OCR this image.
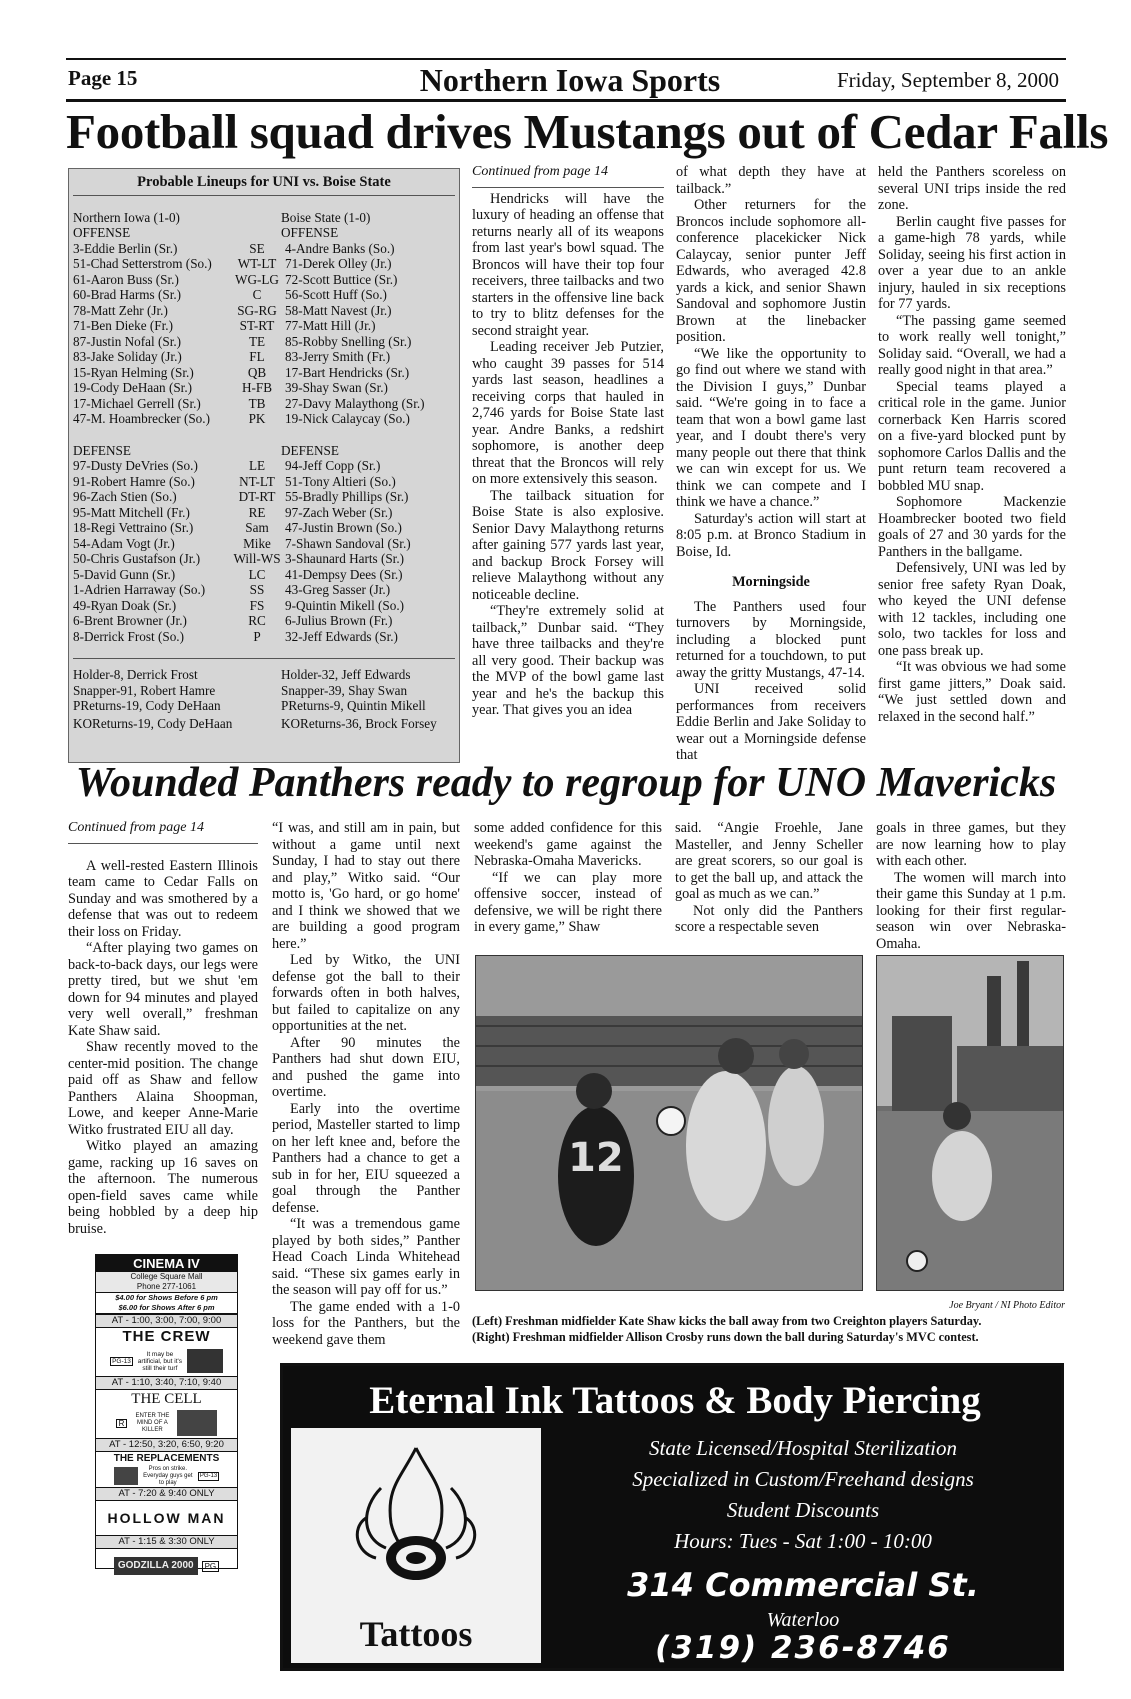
Page 15	Northern Iowa Sports	Friday, September 8, 2000
Football squad drives Mustangs out of Cedar Falls
Probable Lineups for UNI vs. Boise State
Northern Iowa (1-0)	Boise State (1-0)
OFFENSE	OFFENSE
3-Eddie Berlin (Sr.)	SE	4-Andre Banks (So.)
51-Chad Setterstrom (So.)	WT-LT 71-Derek Olley (Jr.)
61-Aaron Buss (Sr.)	WG-LG 72-Scott Buttice (Sr.)
60-Brad Harms (Sr.)	C	56-Scott Huff (So.)
78-Matt Zehr (Jr.)	SG-RG 58-Matt Navest (Jr.)
71-Ben Dieke (Fr.)	ST-RT 77-Matt Hill (Jr.)
87-Justin Nofal (Sr.)	TE	85-Robby Snelling (Sr.)
83-Jake Soliday (Jr.)	FL	83-Jerry Smith (Fr.)
15-Ryan Helming (Sr.)	QB	17-Bart Hendricks (Sr.)
19-Cody DeHaan (Sr.)	H-FB 39-Shay Swan (Sr.)
17-Michael Gerrell (Sr.)	TB	27-Davy Malaythong (Sr.)
47-M. Hoambrecker (So.)	PK	19-Nick Calaycay (So.)
DEFENSE	DEFENSE
97-Dusty DeVries (So.)	LE	94-Jeff Copp (Sr.)
91-Robert Hamre (So.)	NT-LT 51-Tony Altieri (So.)
96-Zach Stien (So.)	DT-RT 55-Bradly Phillips (Sr.)
95-Matt Mitchell (Fr.)	RE	97-Zach Weber (Sr.)
18-Regi Vettraino (Sr.)	Sam	47-Justin Brown (So.)
54-Adam Vogt (Jr.)	Mike	7-Shawn Sandoval (Sr.)
50-Chris Gustafson (Jr.)	Will-WS 3-Shaunard Harts (Sr.)
5-David Gunn (Sr.)	LC	41-Dempsy Dees (Sr.)
1-Adrien Harraway (So.)	SS	43-Greg Sasser (Jr.)
49-Ryan Doak (Sr.)	FS	9-Quintin Mikell (So.)
6-Brent Browner (Jr.)	RC	6-Julius Brown (Fr.)
8-Derrick Frost (So.)	P	32-Jeff Edwards (Sr.)
Holder-8, Derrick Frost	Holder-32, Jeff Edwards
Snapper-91, Robert Hamre	Snapper-39, Shay Swan
PReturns-19, Cody DeHaan	PReturns-9, Quintin Mikell
KOReturns-19, Cody DeHaan	KOReturns-36, Brock Forsey
Continued from page 14

Hendricks will have the luxury of heading an offense that returns nearly all of its weapons from last year's bowl squad. The Broncos will have their top four receivers, three tailbacks and two starters in the offensive line back to try to blitz defenses for the second straight year.

Leading receiver Jeb Putzier, who caught 39 passes for 514 yards last season, headlines a receiving corps that hauled in 2,746 yards for Boise State last year. Andre Banks, a redshirt sophomore, is another deep threat that the Broncos will rely on more extensively this season.

The tailback situation for Boise State is also explosive. Senior Davy Malaythong returns after gaining 577 yards last year, and backup Brock Forsey will relieve Malaythong without any noticeable decline.

“They're extremely solid at tailback,” Dunbar said. “They have three tailbacks and they're all very good. Their backup was the MVP of the bowl game last year and he's the backup this year. That gives you an idea

of what depth they have at tailback.”

Other returners for the Broncos include sophomore all-conference placekicker Nick Calaycay, senior punter Jeff Edwards, who averaged 42.8 yards a kick, and senior Shawn Sandoval and sophomore Justin Brown at the linebacker position.

“We like the opportunity to go find out where we stand with the Division I guys,” Dunbar said. “We're going in to face a team that won a bowl game last year, and I doubt there's very many people out there that think we can win except for us. We think we can compete and I think we have a chance.”

Saturday's action will start at 8:05 p.m. at Bronco Stadium in Boise, Id.

Morningside

The Panthers used four turnovers by Morningside, including a blocked punt returned for a touchdown, to put away the gritty Mustangs, 47-14.

UNI received solid performances from receivers Eddie Berlin and Jake Soliday to wear out a Morningside defense that

held the Panthers scoreless on several UNI trips inside the red zone.

Berlin caught five passes for a game-high 78 yards, while Soliday, seeing his first action in over a year due to an ankle injury, hauled in six receptions for 77 yards.

“The passing game seemed to work really well tonight,” Soliday said. “Overall, we had a really good night in that area.”

Special teams played a critical role in the game. Junior cornerback Ken Harris scored on a five-yard blocked punt by sophomore Carlos Dallis and the punt return team recovered a bobbled MU snap.

Sophomore Mackenzie Hoambrecker booted two field goals of 27 and 30 yards for the Panthers in the ballgame.

Defensively, UNI was led by senior free safety Ryan Doak, who keyed the UNI defense with 12 tackles, including one solo, two tackles for loss and one pass break up.

“It was obvious we had some first game jitters,” Doak said. “We just settled down and relaxed in the second half.”

Wounded Panthers ready to regroup for UNO Mavericks
Continued from page 14

A well-rested Eastern Illinois team came to Cedar Falls on Sunday and was smothered by a defense that was out to redeem their loss on Friday.

“After playing two games on back-to-back days, our legs were pretty tired, but we shut 'em down for 94 minutes and played very well overall,” freshman Kate Shaw said.

Shaw recently moved to the center-mid position. The change paid off as Shaw and fellow Panthers Alaina Shoopman, Lowe, and keeper Anne-Marie Witko frustrated EIU all day.

Witko played an amazing game, racking up 16 saves on the afternoon. The numerous open-field saves came while being hobbled by a deep hip bruise.

“I was, and still am in pain, but without a game until next Sunday, I had to stay out there and play,” Witko said. “Our motto is, 'Go hard, or go home' and I think we showed that we are building a good program here.”

Led by Witko, the UNI defense got the ball to their forwards often in both halves, but failed to capitalize on any opportunities at the net.

After 90 minutes the Panthers had shut down EIU, and pushed the game into overtime.

Early into the overtime period, Masteller started to limp on her left knee and, before the Panthers had a chance to get a sub in for her, EIU squeezed a goal through the Panther defense.

“It was a tremendous game played by both sides,” Panther Head Coach Linda Whitehead said. “These six games early in the season will pay off for us.”

The game ended with a 1-0 loss for the Panthers, but the weekend gave them

some added confidence for this weekend's game against the Nebraska-Omaha Mavericks.

“If we can play more offensive soccer, instead of defensive, we will be right there in every game,” Shaw

said. “Angie Froehle, Jane Masteller, and Jenny Scheller are great scorers, so our goal is to get the ball up, and attack the goal as much as we can.”

Not only did the Panthers score a respectable seven

goals in three games, but they are now learning how to play with each other.

The women will march into their game this Sunday at 1 p.m. looking for their first regular-season win over Nebraska-Omaha.

12
Joe Bryant / NI Photo Editor
(Left) Freshman midfielder Kate Shaw kicks the ball away from two Creighton players Saturday.
(Right) Freshman midfielder Allison Crosby runs down the ball during Saturday's MVC contest.
CINEMA IV
College Square Mall
Phone 277-1061
$4.00 for Shows Before 6 pm
$6.00 for Shows After 6 pm
AT - 1:00, 3:00, 7:00, 9:00
THE CREW
PG-13
It may be artificial, but it's still their turf
AT - 1:10, 3:40, 7:10, 9:40
THE CELL
R
ENTER THE MIND OF A KILLER
AT - 12:50, 3:20, 6:50, 9:20
THE REPLACEMENTS
Pros on strike. Everyday guys get to play
PG-13
AT - 7:20 & 9:40 ONLY
HOLLOW MAN
AT - 1:15 & 3:30 ONLY
GODZILLA 2000	PG
Eternal Ink Tattoos & Body Piercing
Tattoos
State Licensed/Hospital Sterilization
Specialized in Custom/Freehand designs
Student Discounts
Hours: Tues - Sat 1:00 - 10:00
314 Commercial St.
Waterloo
(319) 236-8746
